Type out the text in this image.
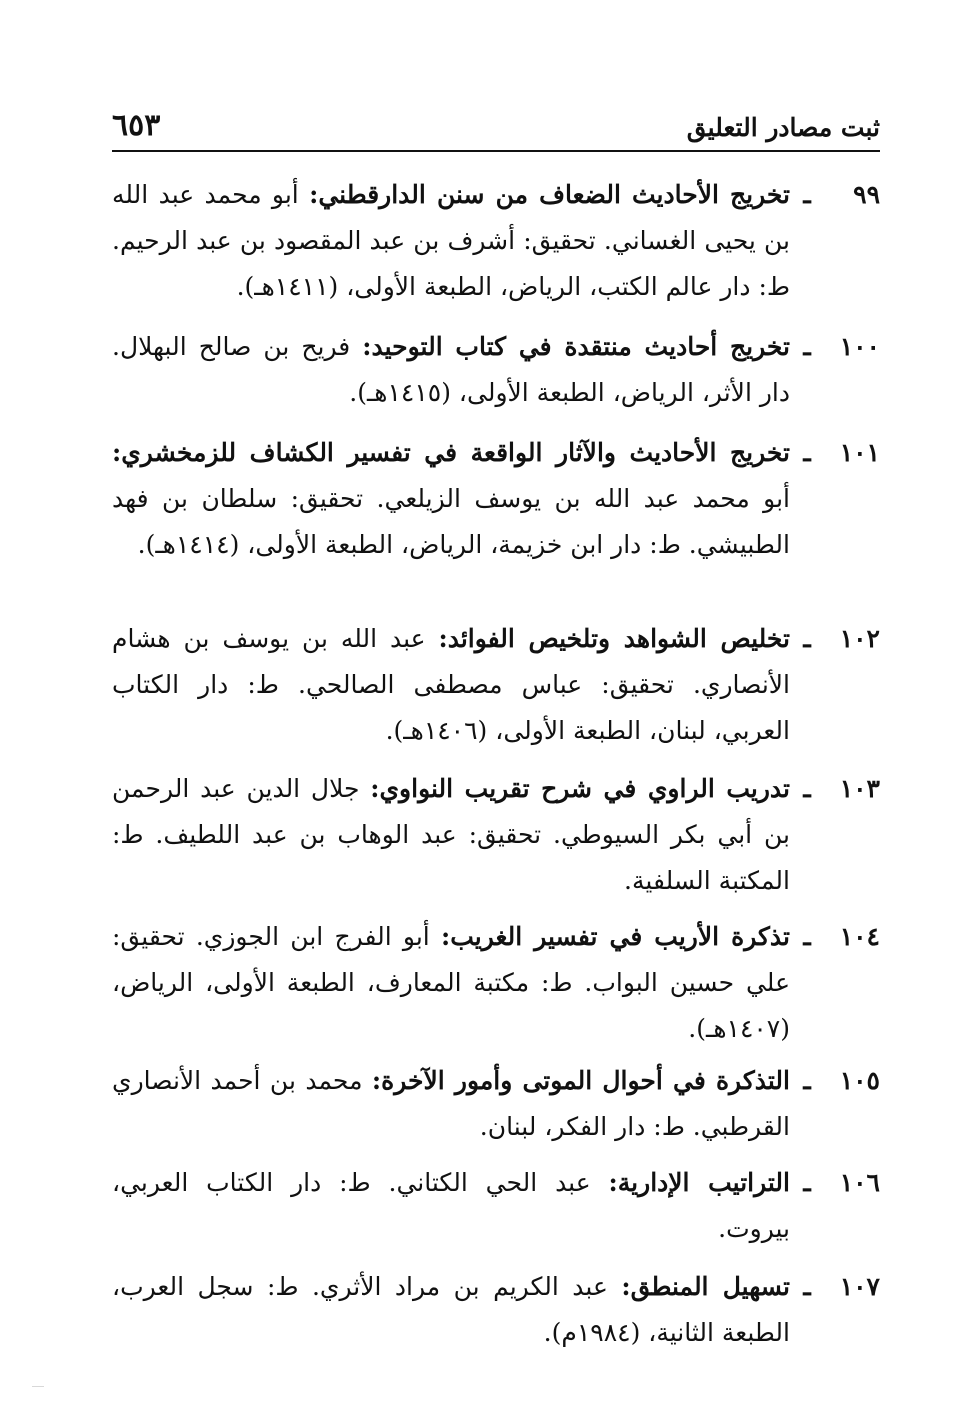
ثبت مصادر التعليق
٦٥٣
٩٩
ـ
تخريج الأحاديث الضعاف من سنن الدارقطني: أبو محمد عبد الله بن يحيى الغساني. تحقيق: أشرف بن عبد المقصود بن عبد الرحيم. ط: دار عالم الكتب، الرياض، الطبعة الأولى، (١٤١١هـ).
١٠٠
ـ
تخريج أحاديث منتقدة في كتاب التوحيد: فريح بن صالح البهلال. دار الأثر، الرياض، الطبعة الأولى، (١٤١٥هـ).
١٠١
ـ
تخريج الأحاديث والآثار الواقعة في تفسير الكشاف للزمخشري: أبو محمد عبد الله بن يوسف الزيلعي. تحقيق: سلطان بن فهد الطبيشي. ط: دار ابن خزيمة، الرياض، الطبعة الأولى، (١٤١٤هـ).
١٠٢
ـ
تخليص الشواهد وتلخيص الفوائد: عبد الله بن يوسف بن هشام الأنصاري. تحقيق: عباس مصطفى الصالحي. ط: دار الكتاب العربي، لبنان، الطبعة الأولى، (١٤٠٦هـ).
١٠٣
ـ
تدريب الراوي في شرح تقريب النواوي: جلال الدين عبد الرحمن بن أبي بكر السيوطي. تحقيق: عبد الوهاب بن عبد اللطيف. ط: المكتبة السلفية.
١٠٤
ـ
تذكرة الأريب في تفسير الغريب: أبو الفرج ابن الجوزي. تحقيق: علي حسين البواب. ط: مكتبة المعارف، الطبعة الأولى، الرياض، (١٤٠٧هـ).
١٠٥
ـ
التذكرة في أحوال الموتى وأمور الآخرة: محمد بن أحمد الأنصاري القرطبي. ط: دار الفكر، لبنان.
١٠٦
ـ
التراتيب الإدارية: عبد الحي الكتاني. ط: دار الكتاب العربي، بيروت.
١٠٧
ـ
تسهيل المنطق: عبد الكريم بن مراد الأثري. ط: سجل العرب، الطبعة الثانية، (١٩٨٤م).
